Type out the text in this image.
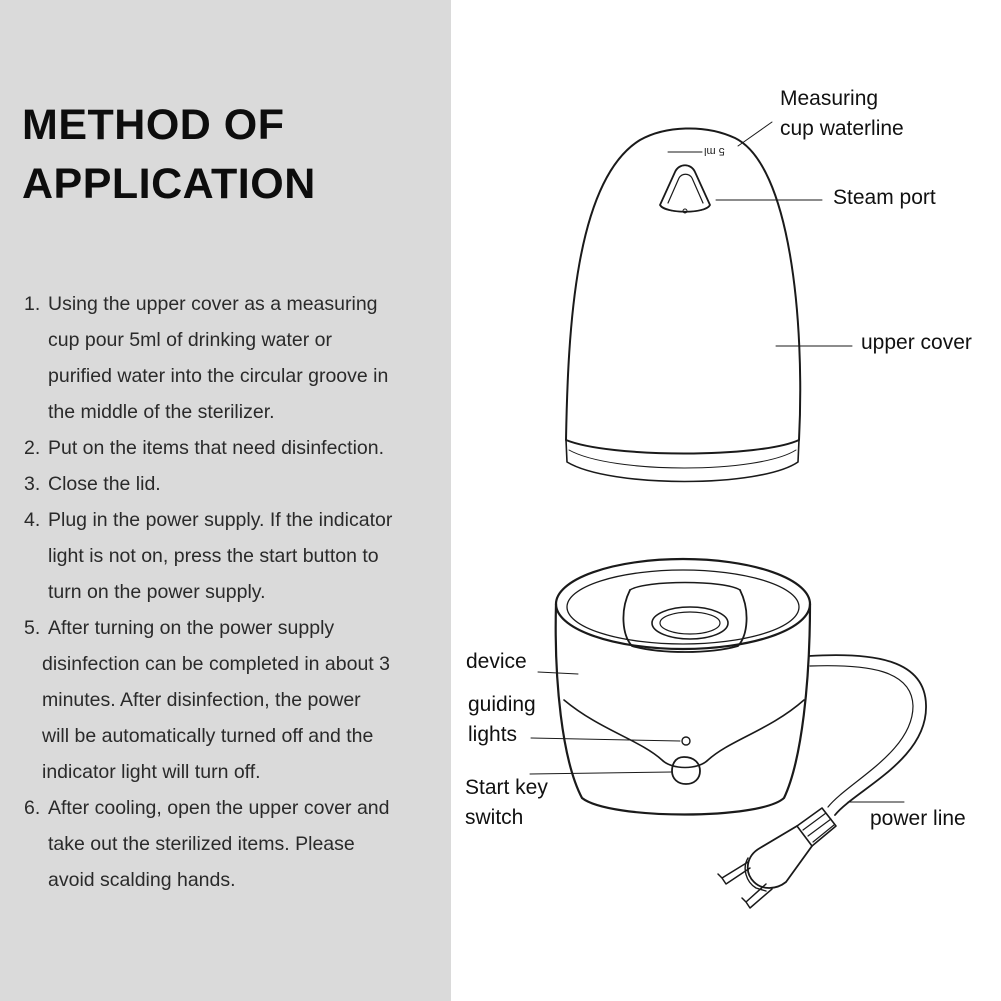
METHOD OF
APPLICATION
1. Using the upper cover as a measuring
cup pour 5ml of drinking water or
purified water into the circular groove in
the middle of the sterilizer.
2. Put on the items that need disinfection.
3. Close the lid.
4. Plug in the power supply. If the indicator
light is not on, press the start button to
turn on the power supply.
5. After turning on the power supply
disinfection can be completed in about 3
minutes. After disinfection, the power
will be automatically turned off and the
indicator light will turn off.
6. After cooling, open the upper cover and
take out the sterilized items. Please
avoid scalding hands.
5 ml
Measuring
cup waterline
Steam port
upper cover
device
guiding
lights
Start key
switch	power line
